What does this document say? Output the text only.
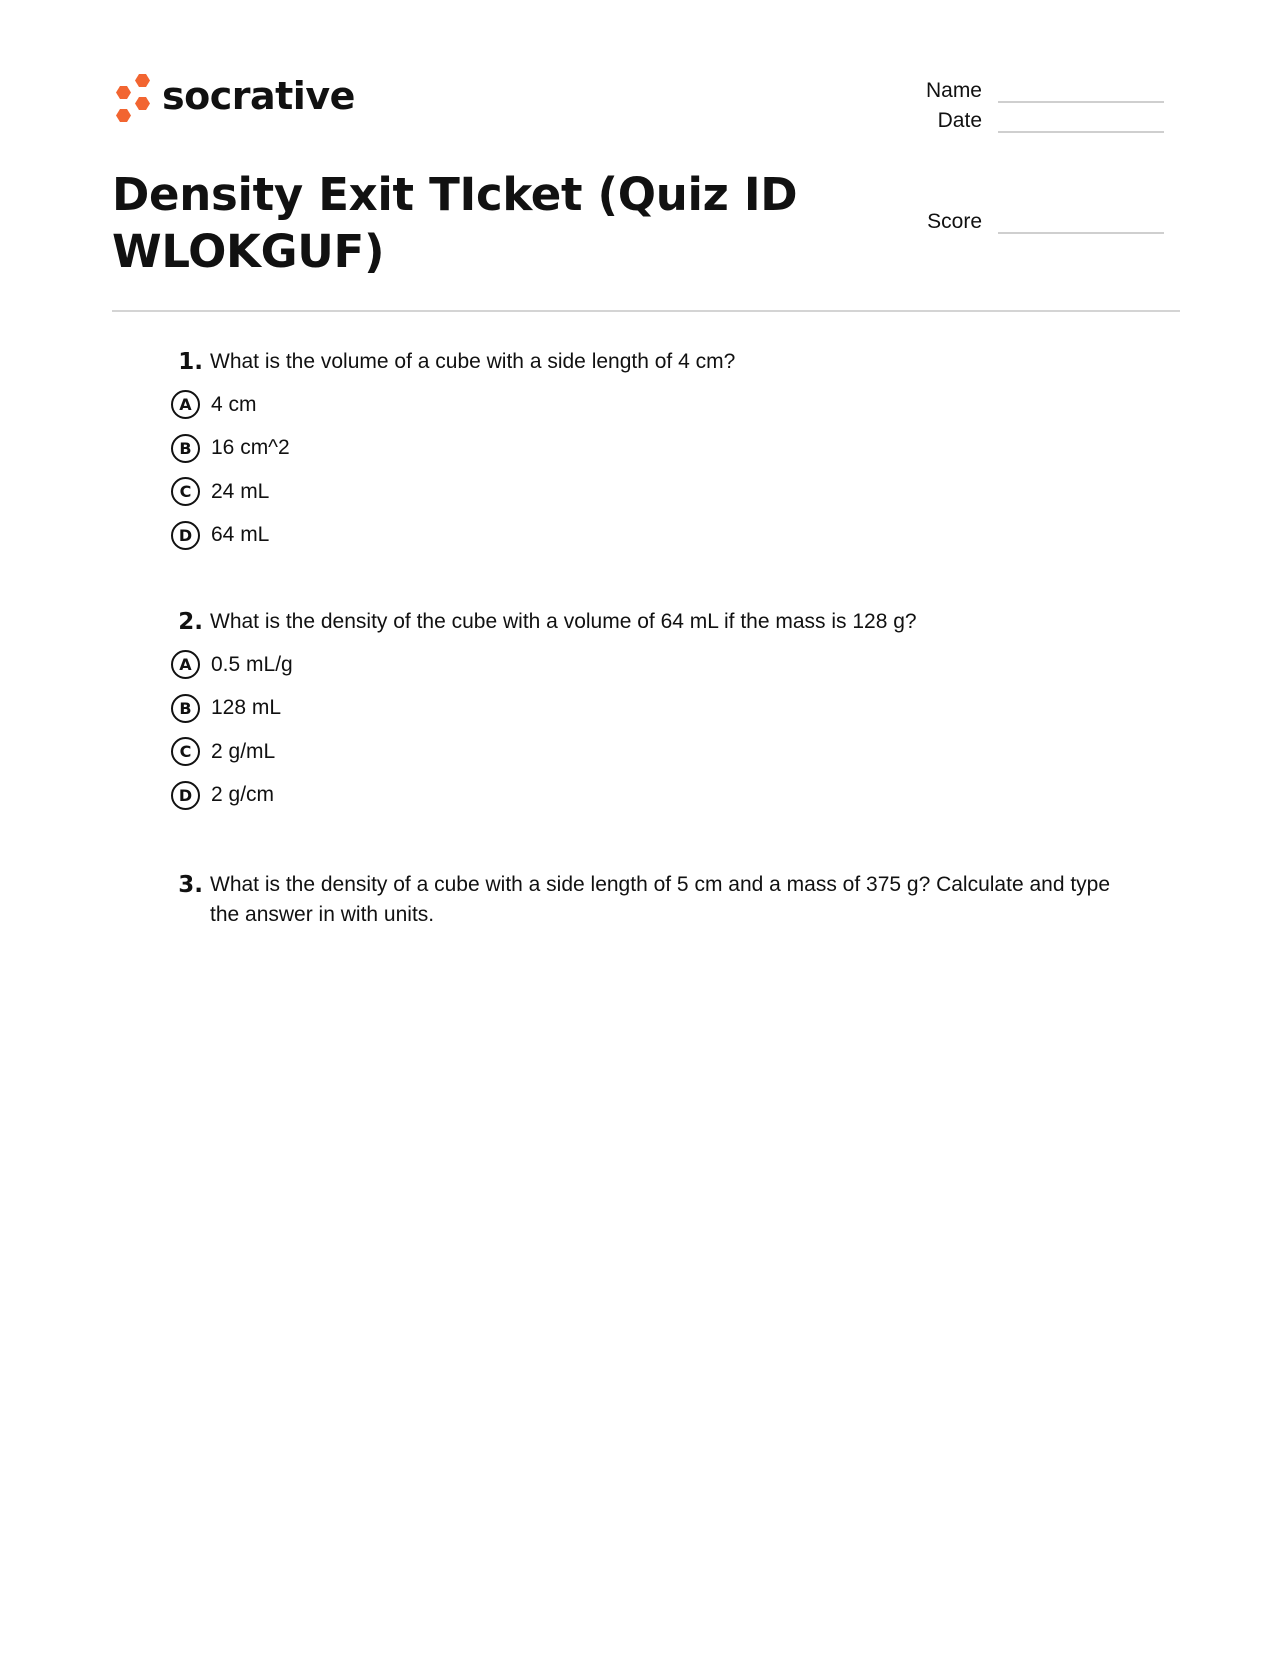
socrative	Name
Date
Score
Density Exit TIcket (Quiz ID WLOKGUF)
1. What is the volume of a cube with a side length of 4 cm?
A 4 cm
B 16 cm^2
C 24 mL
D 64 mL
2. What is the density of the cube with a volume of 64 mL if the mass is 128 g?
A 0.5 mL/g
B 128 mL
C 2 g/mL
D 2 g/cm
3. What is the density of a cube with a side length of 5 cm and a mass of 375 g? Calculate and type the answer in with units.
